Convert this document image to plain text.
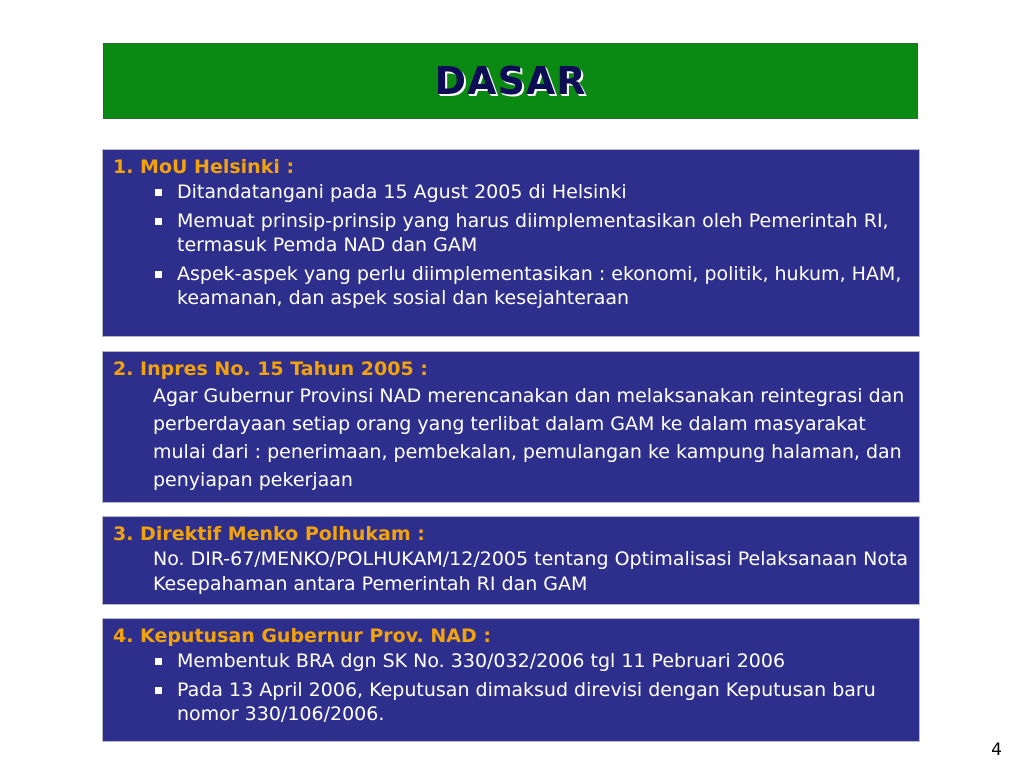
DASAR

1. MoU Helsinki :

Ditandatangani pada 15 Agust 2005 di Helsinki
Memuat prinsip-prinsip yang harus diimplementasikan oleh Pemerintah RI, termasuk Pemda NAD dan GAM
Aspek-aspek yang perlu diimplementasikan : ekonomi, politik, hukum, HAM, keamanan, dan aspek sosial dan kesejahteraan

2. Inpres No. 15 Tahun 2005 :

Agar Gubernur Provinsi NAD merencanakan dan melaksanakan reintegrasi dan perberdayaan setiap orang yang terlibat dalam GAM ke dalam masyarakat mulai dari : penerimaan, pembekalan, pemulangan ke kampung halaman, dan penyiapan pekerjaan

3. Direktif Menko Polhukam :

No. DIR-67/MENKO/POLHUKAM/12/2005 tentang Optimalisasi Pelaksanaan Nota Kesepahaman antara Pemerintah RI dan GAM

4. Keputusan Gubernur Prov. NAD :

Membentuk BRA dgn SK No. 330/032/2006 tgl 11 Pebruari 2006
Pada 13 April 2006, Keputusan dimaksud direvisi dengan Keputusan baru nomor 330/106/2006.
4
